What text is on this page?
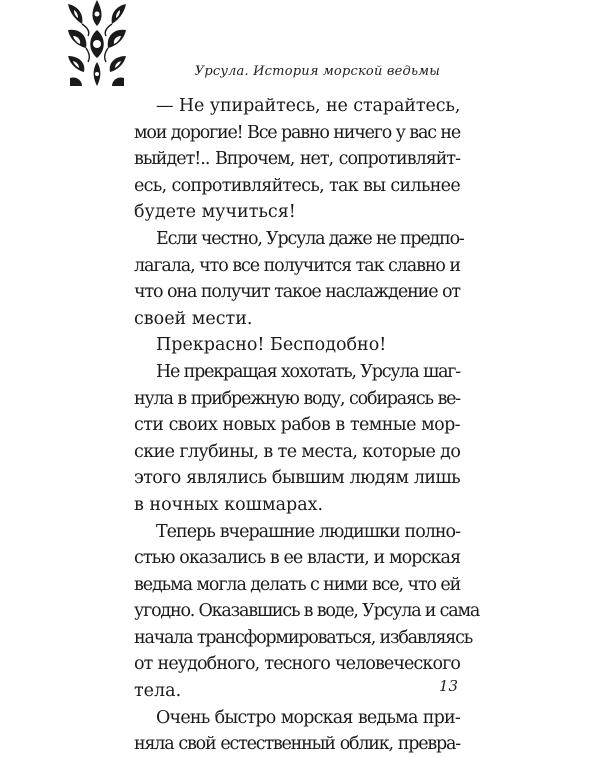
Урсула. История морской ведьмы
— Не упирайтесь, не старайтесь,
мои дорогие! Все равно ничего у вас не
выйдет!.. Впрочем, нет, сопротивляйт-
есь, сопротивляйтесь, так вы сильнее
будете мучиться!
Если честно, Урсула даже не предпо-
лагала, что все получится так славно и
что она получит такое наслаждение от
своей мести.
Прекрасно! Бесподобно!
Не прекращая хохотать, Урсула шаг-
нула в прибрежную воду, собираясь ве-
сти своих новых рабов в темные мор-
ские глубины, в те места, которые до
этого являлись бывшим людям лишь
в ночных кошмарах.
Теперь вчерашние людишки полно-
стью оказались в ее власти, и морская
ведьма могла делать с ними все, что ей
угодно. Оказавшись в воде, Урсула и сама
начала трансформироваться, избавляясь
от неудобного, тесного человеческого
тела.
Очень быстро морская ведьма при-
няла свой естественный облик, превра-
13
